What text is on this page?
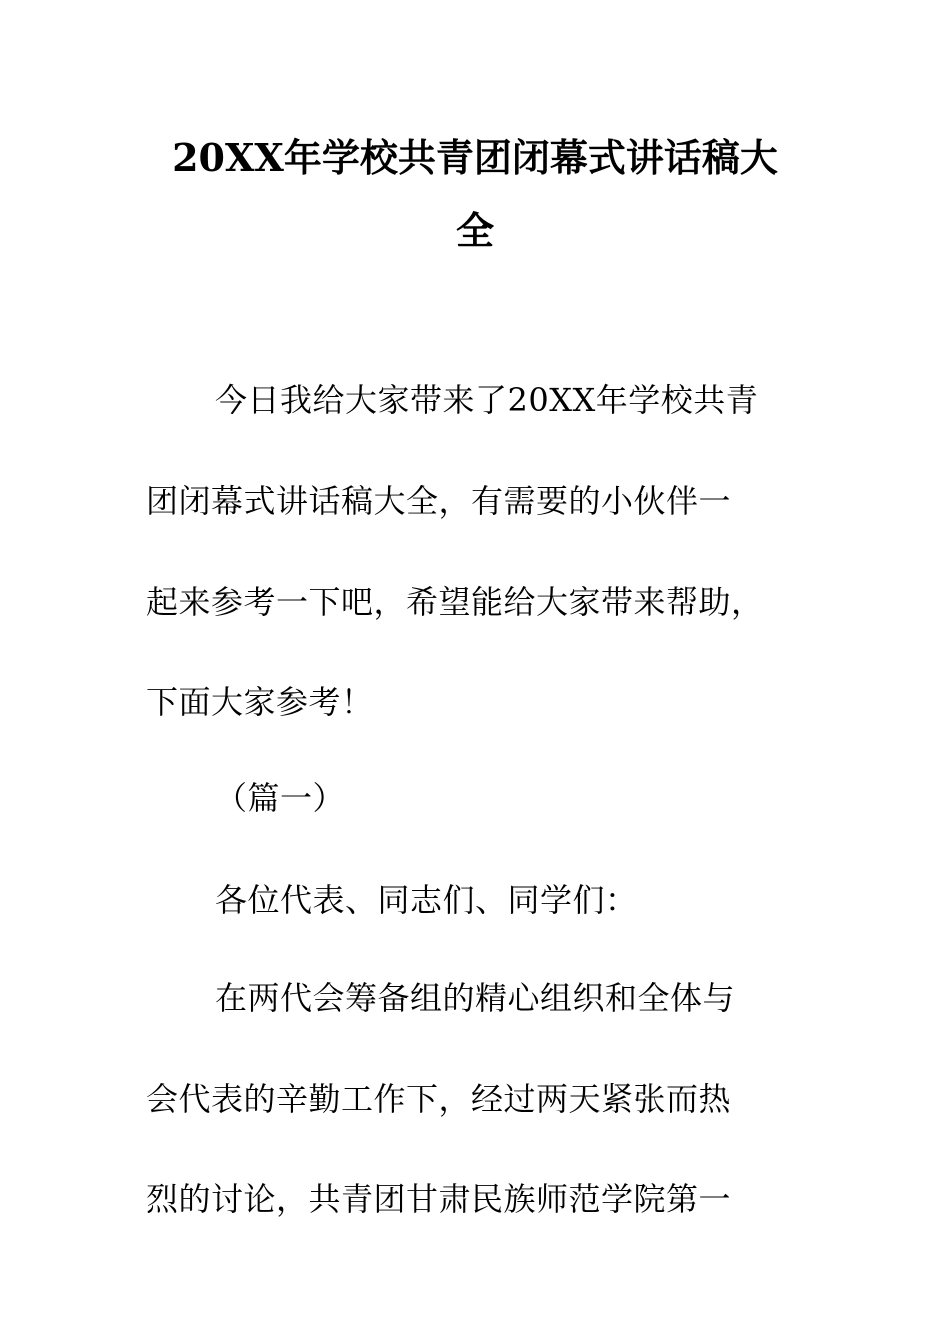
20XX年学校共青团闭幕式讲话稿大
全

今日我给大家带来了20XX年学校共青

团闭幕式讲话稿大全，有需要的小伙伴一

起来参考一下吧，希望能给大家带来帮助，

下面大家参考！

（篇一）

各位代表、同志们、同学们：

在两代会筹备组的精心组织和全体与

会代表的辛勤工作下，经过两天紧张而热

烈的讨论，共青团甘肃民族师范学院第一
